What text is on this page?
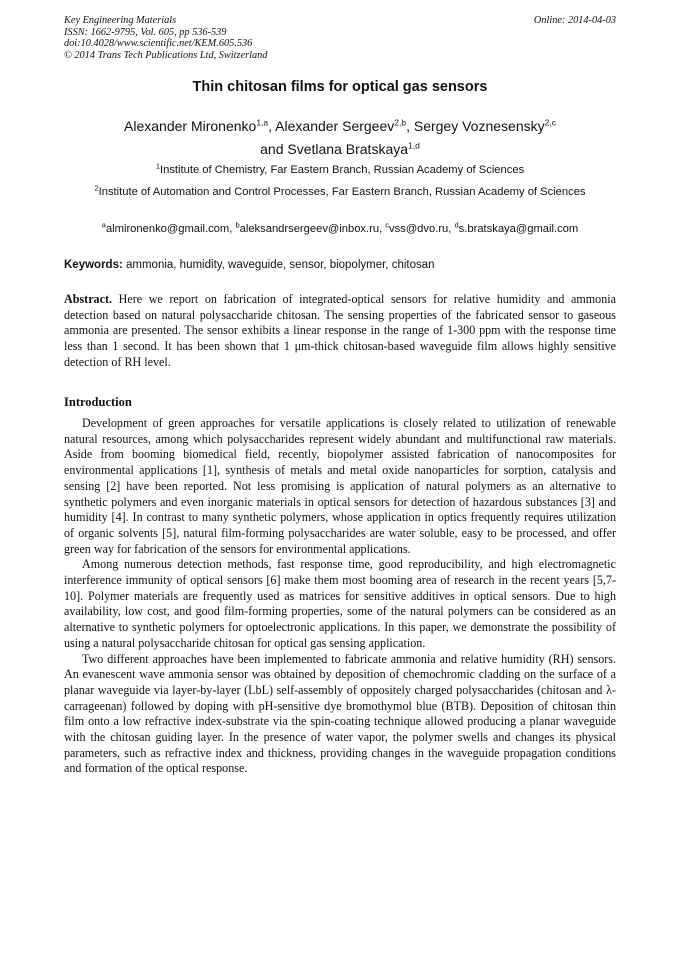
Key Engineering Materials
ISSN: 1662-9795, Vol. 605, pp 536-539
doi:10.4028/www.scientific.net/KEM.605.536
© 2014 Trans Tech Publications Ltd, Switzerland
Online: 2014-04-03
Thin chitosan films for optical gas sensors
Alexander Mironenko$^{1,a}$, Alexander Sergeev$^{2,b}$, Sergey Voznesensky$^{2,c}$
and Svetlana Bratskaya$^{1,d}$
$^1$Institute of Chemistry, Far Eastern Branch, Russian Academy of Sciences
$^2$Institute of Automation and Control Processes, Far Eastern Branch, Russian Academy of Sciences
$^a$almironenko@gmail.com, $^b$aleksandrsergeev@inbox.ru, $^c$vss@dvo.ru, $^d$s.bratskaya@gmail.com
Keywords: ammonia, humidity, waveguide, sensor, biopolymer, chitosan

Abstract. Here we report on fabrication of integrated-optical sensors for relative humidity and ammonia detection based on natural polysaccharide chitosan. The sensing properties of the fabricated sensor to gaseous ammonia are presented. The sensor exhibits a linear response in the range of 1-300 ppm with the response time less than 1 second. It has been shown that 1 μm-thick chitosan-based waveguide film allows highly sensitive detection of RH level.

Introduction

Development of green approaches for versatile applications is closely related to utilization of renewable natural resources, among which polysaccharides represent widely abundant and multifunctional raw materials. Aside from booming biomedical field, recently, biopolymer assisted fabrication of nanocomposites for environmental applications [1], synthesis of metals and metal oxide nanoparticles for sorption, catalysis and sensing [2] have been reported. Not less promising is application of natural polymers as an alternative to synthetic polymers and even inorganic materials in optical sensors for detection of hazardous substances [3] and humidity [4]. In contrast to many synthetic polymers, whose application in optics frequently requires utilization of organic solvents [5], natural film-forming polysaccharides are water soluble, easy to be processed, and offer green way for fabrication of the sensors for environmental applications.

Among numerous detection methods, fast response time, good reproducibility, and high electromagnetic interference immunity of optical sensors [6] make them most booming area of research in the recent years [5,7-10]. Polymer materials are frequently used as matrices for sensitive additives in optical sensors. Due to high availability, low cost, and good film-forming properties, some of the natural polymers can be considered as an alternative to synthetic polymers for optoelectronic applications. In this paper, we demonstrate the possibility of using a natural polysaccharide chitosan for optical gas sensing application.

Two different approaches have been implemented to fabricate ammonia and relative humidity (RH) sensors. An evanescent wave ammonia sensor was obtained by deposition of chemochromic cladding on the surface of a planar waveguide via layer-by-layer (LbL) self-assembly of oppositely charged polysaccharides (chitosan and λ-carrageenan) followed by doping with pH-sensitive dye bromothymol blue (BTB). Deposition of chitosan thin film onto a low refractive index-substrate via the spin-coating technique allowed producing a planar waveguide with the chitosan guiding layer. In the presence of water vapor, the polymer swells and changes its physical parameters, such as refractive index and thickness, providing changes in the waveguide propagation conditions and formation of the optical response.
